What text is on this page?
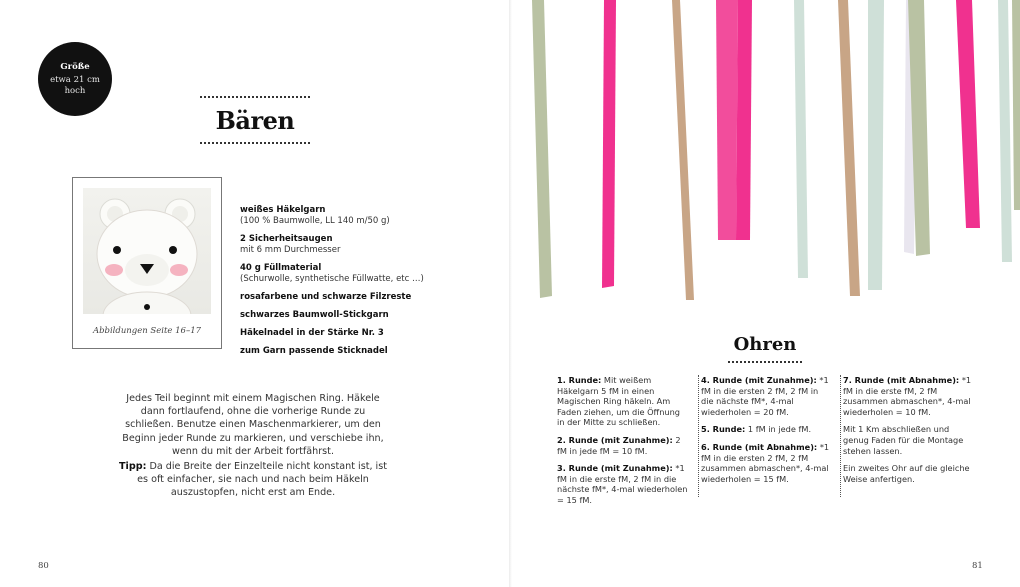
Größe
etwa 21 cm hoch
Bären
Abbildungen Seite 16–17
weißes Häkelgarn
(100 % Baumwolle, LL 140 m/50 g)
2 Sicherheitsaugen
mit 6 mm Durchmesser
40 g Füllmaterial
(Schurwolle, synthetische Füllwatte, etc …)
rosafarbene und schwarze Filzreste
schwarzes Baumwoll-Stickgarn
Häkelnadel in der Stärke Nr. 3
zum Garn passende Sticknadel

Jedes Teil beginnt mit einem Magischen Ring. Häkele dann fortlaufend, ohne die vorherige Runde zu schließen. Benutze einen Maschenmarkierer, um den Beginn jeder Runde zu markieren, und verschiebe ihn, wenn du mit der Arbeit fortfährst.

Tipp: Da die Breite der Einzelteile nicht konstant ist, ist es oft einfacher, sie nach und nach beim Häkeln auszustopfen, nicht erst am Ende.

80
Ohren

1. Runde: Mit weißem Häkelgarn 5 fM in einen Magischen Ring häkeln. Am Faden ziehen, um die Öffnung in der Mitte zu schließen.

2. Runde (mit Zunahme): 2 fM in jede fM = 10 fM.

3. Runde (mit Zunahme): *1 fM in die erste fM, 2 fM in die nächste fM*, 4-mal wiederholen = 15 fM.

4. Runde (mit Zunahme): *1 fM in die ersten 2 fM, 2 fM in die nächste fM*, 4-mal wiederholen = 20 fM.

5. Runde: 1 fM in jede fM.

6. Runde (mit Abnahme): *1 fM in die ersten 2 fM, 2 fM zusammen abmaschen*, 4-mal wiederholen = 15 fM.

7. Runde (mit Abnahme): *1 fM in die erste fM, 2 fM zusammen abmaschen*, 4-mal wiederholen = 10 fM.

Mit 1 Km abschließen und genug Faden für die Montage stehen lassen.

Ein zweites Ohr auf die gleiche Weise anfertigen.

81
